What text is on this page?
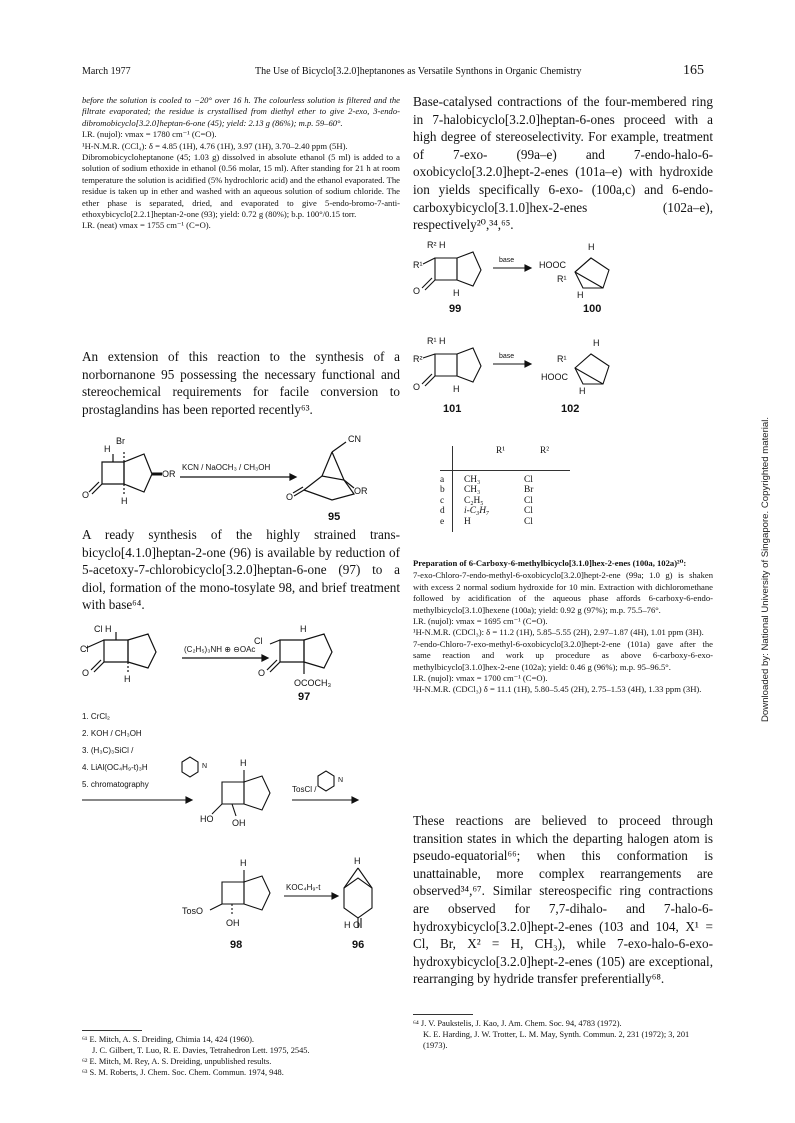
March 1977	The Use of Bicyclo[3.2.0]heptanones as Versatile Synthons in Organic Chemistry	165
Downloaded by: National University of Singapore. Copyrighted material.

before the solution is cooled to −20° over 16 h. The colourless solution is filtered and the filtrate evaporated; the residue is crystallised from diethyl ether to give 2-exo, 3-endo-dibromobicyclo[3.2.0]heptan-6-one (45); yield: 2.13 g (86%); m.p. 59–60°.

I.R. (nujol): νmax = 1780 cm⁻¹ (C=O).

¹H-N.M.R. (CCl₄): δ = 4.85 (1H), 4.76 (1H), 3.97 (1H), 3.70–2.40 ppm (5H).

Dibromobicycloheptanone (45; 1.03 g) dissolved in absolute ethanol (5 ml) is added to a solution of sodium ethoxide in ethanol (0.56 molar, 15 ml). After standing for 21 h at room temperature the solution is acidified (5% hydrochloric acid) and the ethanol evaporated. The residue is taken up in ether and washed with an aqueous solution of sodium chloride. The ether phase is separated, dried, and evaporated to give 5-endo-bromo-7-anti-ethoxybicyclo[2.2.1]heptan-2-one (93); yield: 0.72 g (80%); b.p. 100°/0.15 torr.

I.R. (neat) νmax = 1755 cm⁻¹ (C=O).

An extension of this reaction to the synthesis of a norbornanone 95 possessing the necessary functional and stereochemical requirements for facile conversion to prostaglandins has been reported recently⁶³.
H
Br
OR
H
O
KCN / NaOCH₃ / CH₃OH
CN
OR
O
95
A ready synthesis of the highly strained trans-bicyclo[4.1.0]heptan-2-one (96) is available by reduction of 5-acetoxy-7-chlorobicyclo[3.2.0]heptan-6-one (97) to a diol, formation of the mono-tosylate 98, and brief treatment with base⁶⁴.
Cl H
Cl
O
H
(C₂H₅)₃NH ⊕ ⊖OAc
Cl
H
O
OCOCH₃
97
1. CrCl₂
2. KOH / CH₃OH
3. (H₃C)₃SiCl /
4. LiAl(OC₄H₉-t)₃H
5. chromatography
N
HO OH
H
TosCl /
N
H
TosO
OH
KOC₄H₉-t
H
H O
98	96

⁶¹ E. Mitch, A. S. Dreiding, Chimia 14, 424 (1960).

J. C. Gilbert, T. Luo, R. E. Davies, Tetrahedron Lett. 1975, 2545.

⁶² E. Mitch, M. Rey, A. S. Dreiding, unpublished results.

⁶³ S. M. Roberts, J. Chem. Soc. Chem. Commun. 1974, 948.

Base-catalysed contractions of the four-membered ring in 7-halobicyclo[3.2.0]heptan-6-ones proceed with a high degree of stereoselectivity. For example, treatment of 7-exo- (99a–e) and 7-endo-halo-6-oxobicyclo[3.2.0]hept-2-enes (101a–e) with hydroxide ion yields specifically 6-exo- (100a,c) and 6-endo-carboxybicyclo[3.1.0]hex-2-enes (102a–e), respectively²⁰,³⁴,⁶⁵.
R² H
R¹
O	H
base	HOOC
R¹
H
H
99	100
R¹ H
R²
O	H
base	R¹
HOOC
H
H
101	102
R¹	R²
a	CH₃	Cl
b	CH₃	Br
c	C₂H₅	Cl
d	i-C₃H₇	Cl
e	H	Cl

Preparation of 6-Carboxy-6-methylbicyclo[3.1.0]hex-2-enes (100a, 102a)²⁰:

7-exo-Chloro-7-endo-methyl-6-oxobicyclo[3.2.0]hept-2-ene (99a; 1.0 g) is shaken with excess 2 normal sodium hydroxide for 10 min. Extraction with dichloromethane followed by acidification of the aqueous phase affords 6-carboxy-6-endo-methylbicyclo[3.1.0]hexene (100a); yield: 0.92 g (97%); m.p. 75.5–76°.

I.R. (nujol): νmax = 1695 cm⁻¹ (C=O).

¹H-N.M.R. (CDCl₃): δ = 11.2 (1H), 5.85–5.55 (2H), 2.97–1.87 (4H), 1.01 ppm (3H).

7-endo-Chloro-7-exo-methyl-6-oxobicyclo[3.2.0]hept-2-ene (101a) gave after the same reaction and work up procedure as above 6-carboxy-6-exo-methylbicyclo[3.1.0]hex-2-ene (102a); yield: 0.46 g (96%); m.p. 95–96.5°.

I.R. (nujol): νmax = 1700 cm⁻¹ (C=O).

¹H-N.M.R. (CDCl₃) δ = 11.1 (1H), 5.80–5.45 (2H), 2.75–1.53 (4H), 1.33 ppm (3H).

These reactions are believed to proceed through transition states in which the departing halogen atom is pseudo-equatorial⁶⁶; when this conformation is unattainable, more complex rearrangements are observed³⁴,⁶⁷. Similar stereospecific ring contractions are observed for 7,7-dihalo- and 7-halo-6-hydroxybicyclo[3.2.0]hept-2-enes (103 and 104, X¹ = Cl, Br, X² = H, CH₃), while 7-exo-halo-6-exo-hydroxybicyclo[3.2.0]hept-2-enes (105) are exceptional, rearranging by hydride transfer preferentially⁶⁸.

⁶⁴ J. V. Paukstelis, J. Kao, J. Am. Chem. Soc. 94, 4783 (1972).

K. E. Harding, J. W. Trotter, L. M. May, Synth. Commun. 2, 231 (1972); 3, 201 (1973).
